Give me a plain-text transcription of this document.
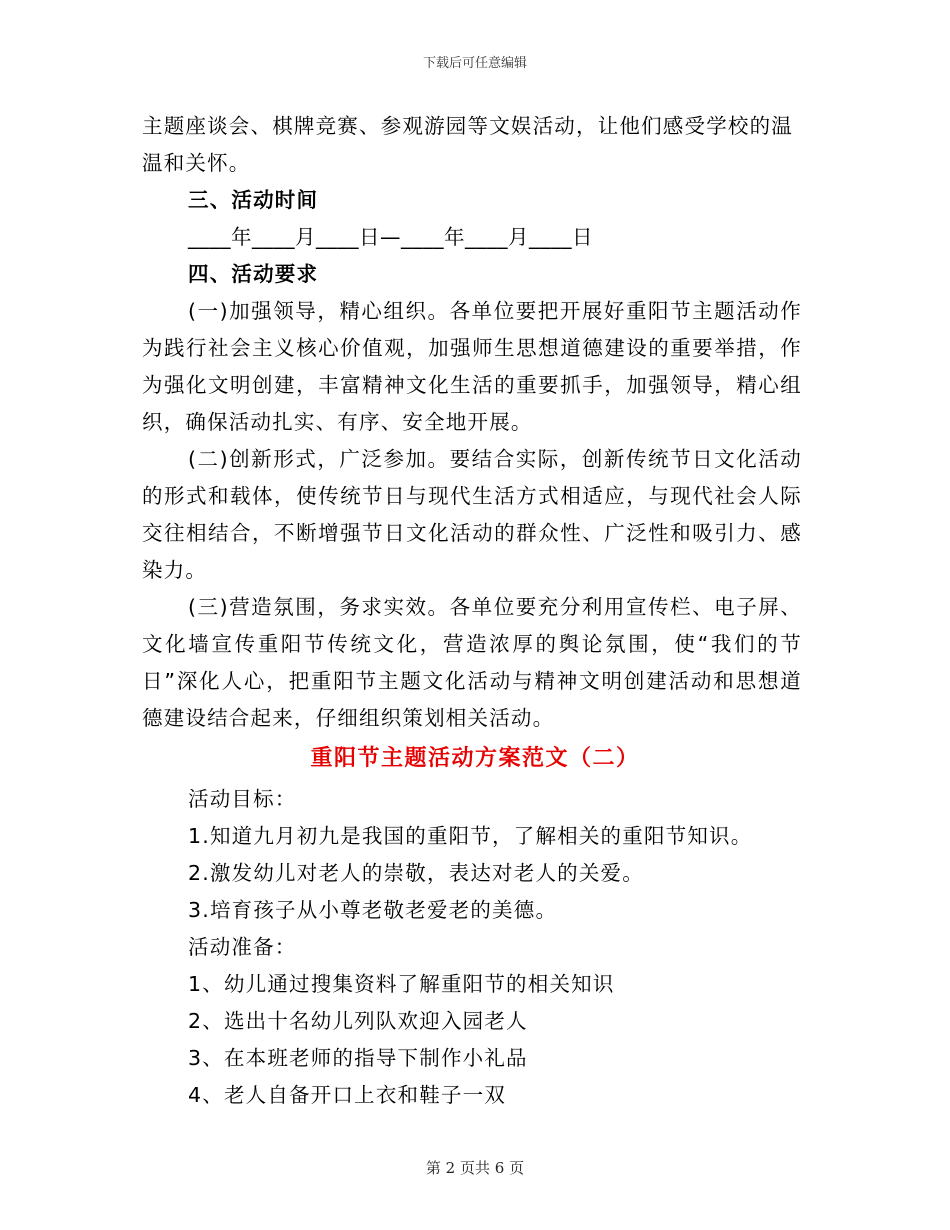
下载后可任意编辑

主题座谈会、棋牌竞赛、参观游园等文娱活动，让他们感受学校的温

温和关怀。

三、活动时间

____年____月____日—____年____月____日

四、活动要求

(一)加强领导，精心组织。各单位要把开展好重阳节主题活动作为践行社会主义核心价值观，加强师生思想道德建设的重要举措，作为强化文明创建，丰富精神文化生活的重要抓手，加强领导，精心组织，确保活动扎实、有序、安全地开展。

(二)创新形式，广泛参加。要结合实际，创新传统节日文化活动的形式和载体，使传统节日与现代生活方式相适应，与现代社会人际交往相结合，不断增强节日文化活动的群众性、广泛性和吸引力、感染力。

(三)营造氛围，务求实效。各单位要充分利用宣传栏、电子屏、文化墙宣传重阳节传统文化，营造浓厚的舆论氛围，使“我们的节日”深化人心，把重阳节主题文化活动与精神文明创建活动和思想道德建设结合起来，仔细组织策划相关活动。

重阳节主题活动方案范文（二）

活动目标：

1.知道九月初九是我国的重阳节，了解相关的重阳节知识。

2.激发幼儿对老人的崇敬，表达对老人的关爱。

3.培育孩子从小尊老敬老爱老的美德。

活动准备：

1、幼儿通过搜集资料了解重阳节的相关知识

2、选出十名幼儿列队欢迎入园老人

3、在本班老师的指导下制作小礼品

4、老人自备开口上衣和鞋子一双

第 2 页共 6 页
